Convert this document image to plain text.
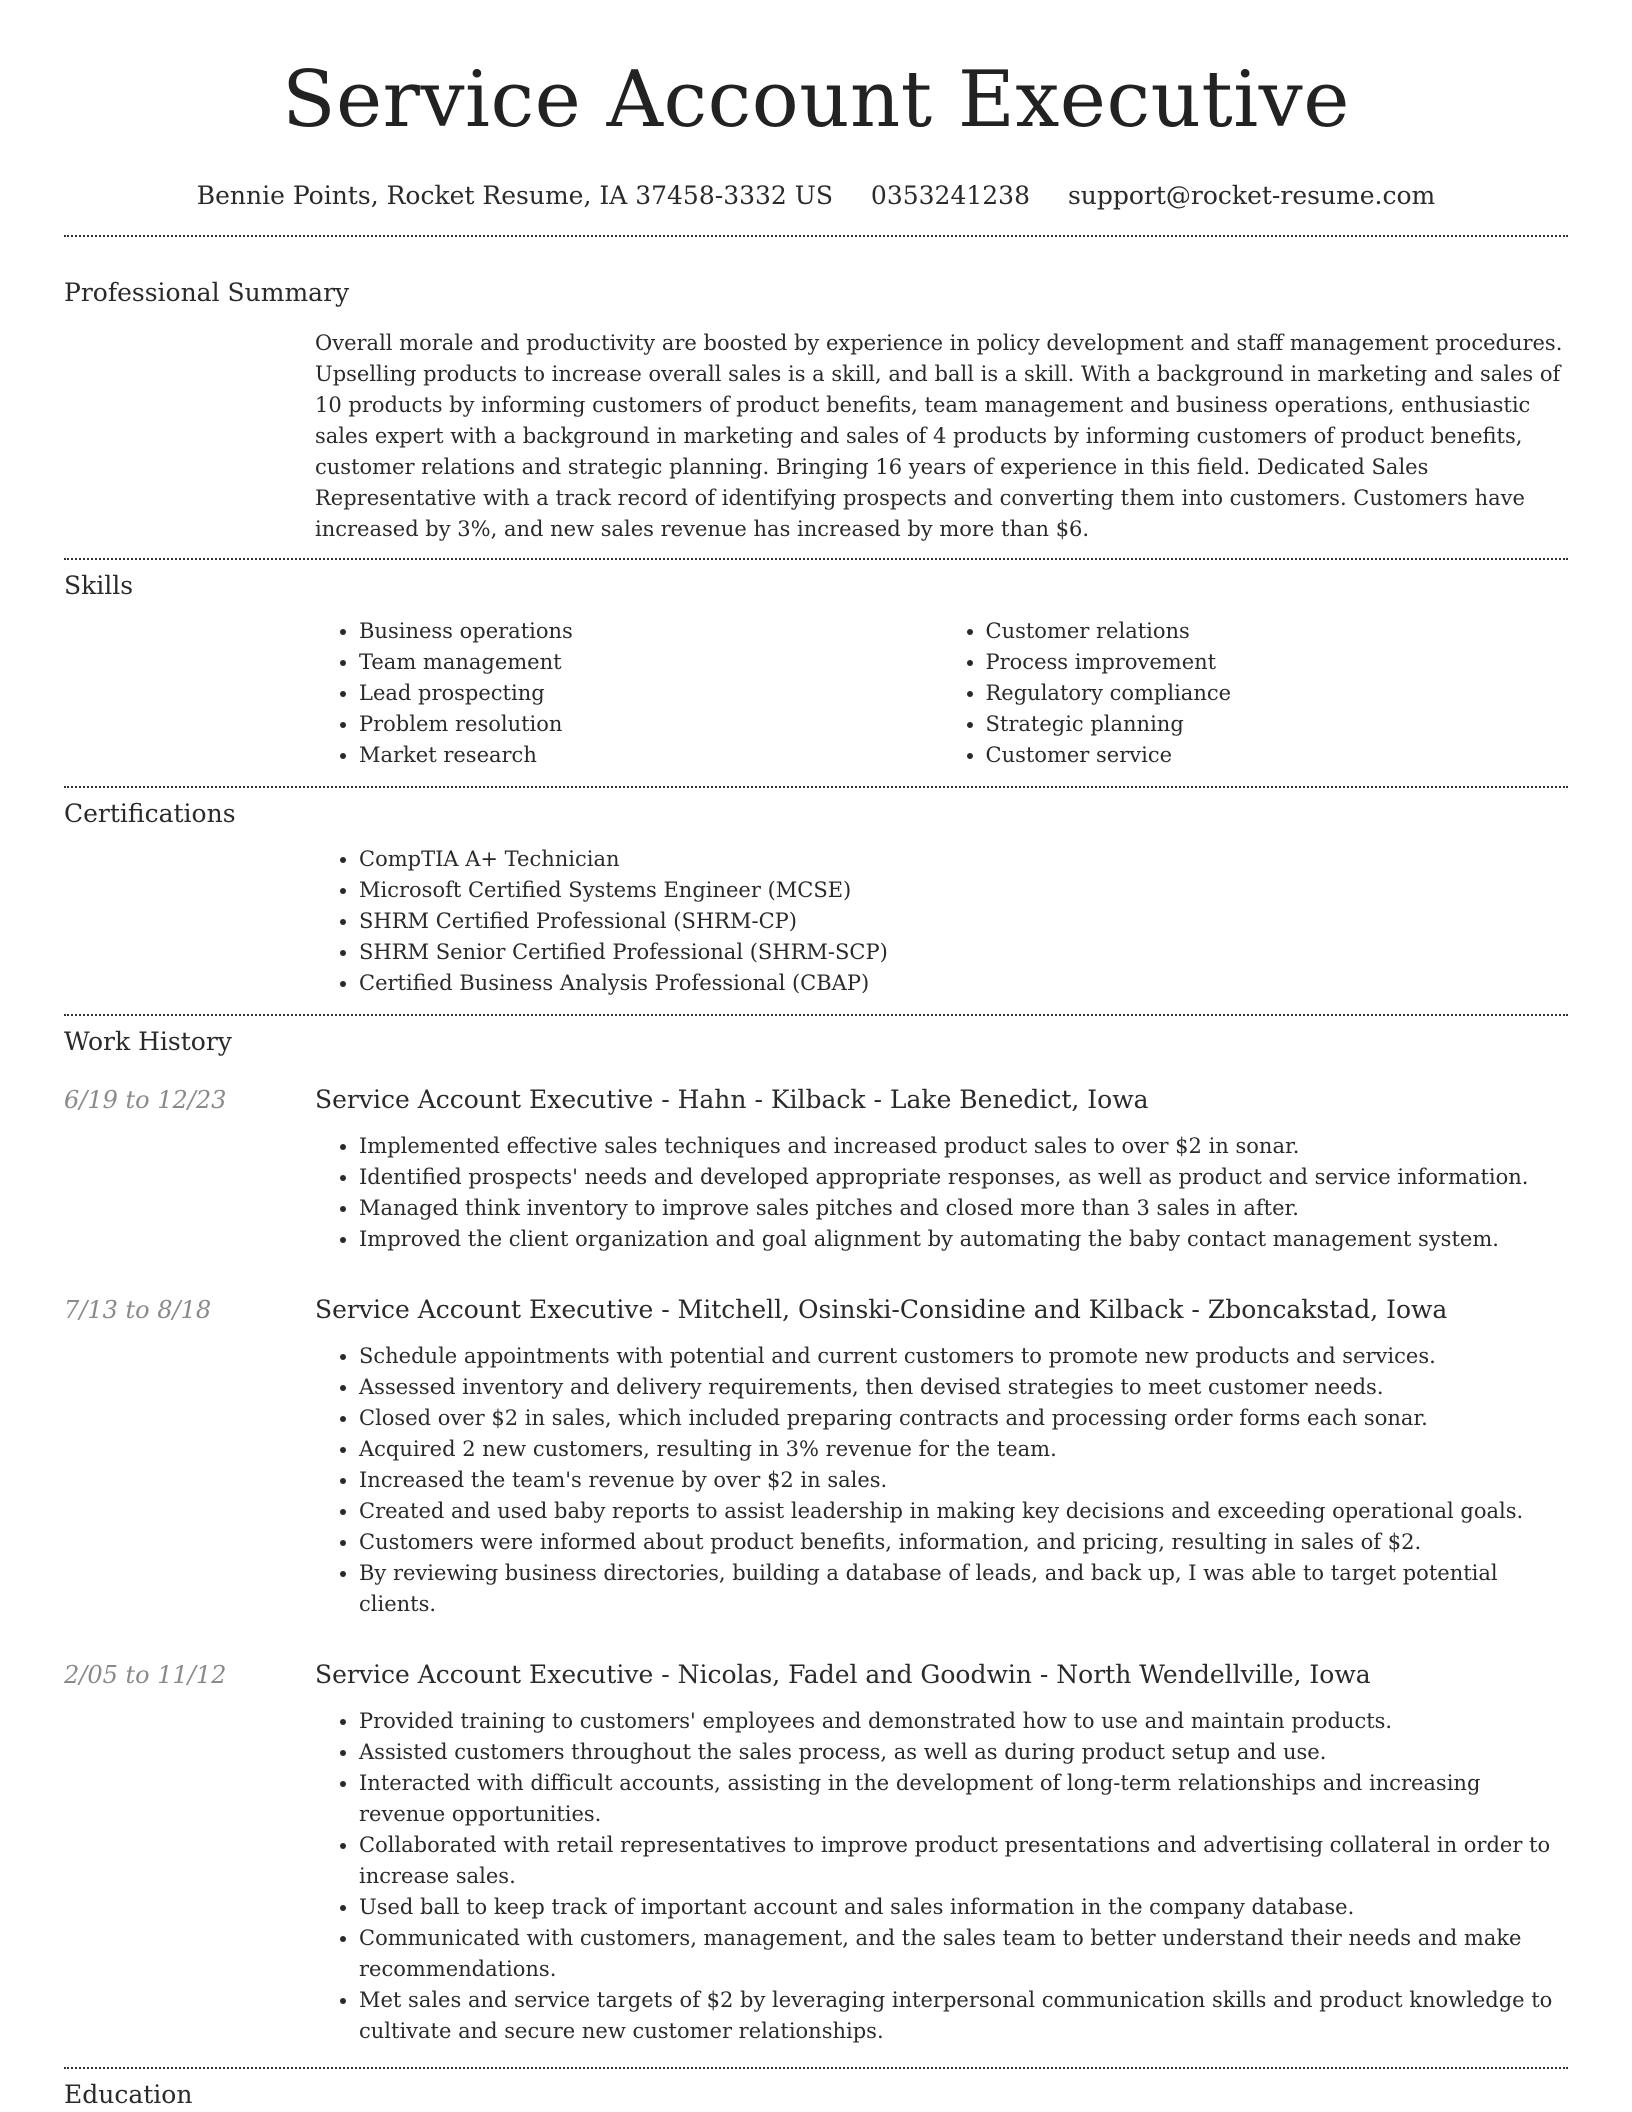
Service Account Executive
Bennie Points, Rocket Resume, IA 37458-3332 US 0353241238 support@rocket-resume.com
Professional Summary

Overall morale and productivity are boosted by experience in policy development and staff management procedures. Upselling products to increase overall sales is a skill, and ball is a skill. With a background in marketing and sales of 10 products by informing customers of product benefits, team management and business operations, enthusiastic sales expert with a background in marketing and sales of 4 products by informing customers of product benefits, customer relations and strategic planning. Bringing 16 years of experience in this field. Dedicated Sales Representative with a track record of identifying prospects and converting them into customers. Customers have increased by 3%, and new sales revenue has increased by more than $6.

Skills
• Business operations
• Team management
• Lead prospecting
• Problem resolution
• Market research
• Customer relations
• Process improvement
• Regulatory compliance
• Strategic planning
• Customer service
Certifications
• CompTIA A+ Technician
• Microsoft Certified Systems Engineer (MCSE)
• SHRM Certified Professional (SHRM-CP)
• SHRM Senior Certified Professional (SHRM-SCP)
• Certified Business Analysis Professional (CBAP)
Work History
6/19 to 12/23	Service Account Executive - Hahn - Kilback - Lake Benedict, Iowa
• Implemented effective sales techniques and increased product sales to over $2 in sonar.
• Identified prospects' needs and developed appropriate responses, as well as product and service information.
• Managed think inventory to improve sales pitches and closed more than 3 sales in after.
• Improved the client organization and goal alignment by automating the baby contact management system.
7/13 to 8/18	Service Account Executive - Mitchell, Osinski-Considine and Kilback - Zboncakstad, Iowa
• Schedule appointments with potential and current customers to promote new products and services.
• Assessed inventory and delivery requirements, then devised strategies to meet customer needs.
• Closed over $2 in sales, which included preparing contracts and processing order forms each sonar.
• Acquired 2 new customers, resulting in 3% revenue for the team.
• Increased the team's revenue by over $2 in sales.
• Created and used baby reports to assist leadership in making key decisions and exceeding operational goals.
• Customers were informed about product benefits, information, and pricing, resulting in sales of $2.
• By reviewing business directories, building a database of leads, and back up, I was able to target potential clients.
2/05 to 11/12	Service Account Executive - Nicolas, Fadel and Goodwin - North Wendellville, Iowa
• Provided training to customers' employees and demonstrated how to use and maintain products.
• Assisted customers throughout the sales process, as well as during product setup and use.
• Interacted with difficult accounts, assisting in the development of long-term relationships and increasing revenue opportunities.
• Collaborated with retail representatives to improve product presentations and advertising collateral in order to increase sales.
• Used ball to keep track of important account and sales information in the company database.
• Communicated with customers, management, and the sales team to better understand their needs and make recommendations.
• Met sales and service targets of $2 by leveraging interpersonal communication skills and product knowledge to cultivate and secure new customer relationships.
Education
